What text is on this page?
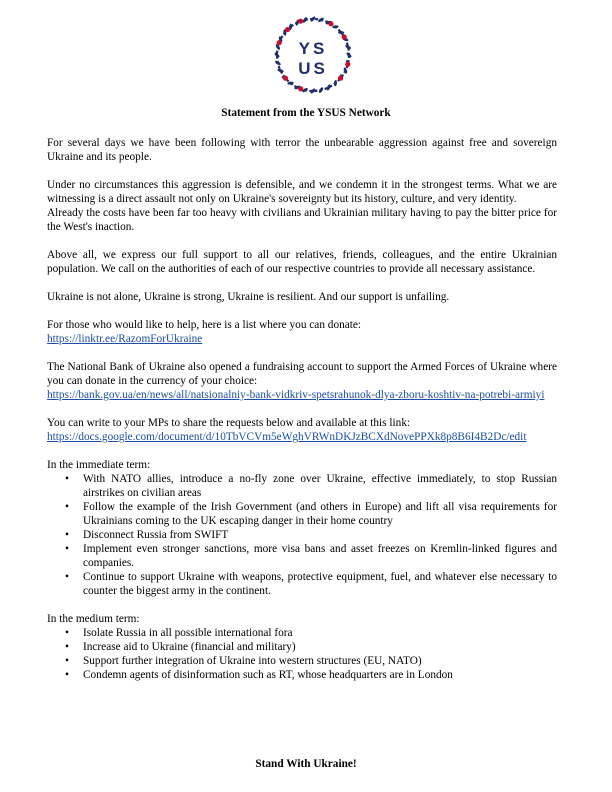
YS
US
Statement from the YSUS Network

For several days we have been following with terror the unbearable aggression against free and sovereign Ukraine and its people.

Under no circumstances this aggression is defensible, and we condemn it in the strongest terms. What we are witnessing is a direct assault not only on Ukraine's sovereignty but its history, culture, and very identity.

Already the costs have been far too heavy with civilians and Ukrainian military having to pay the bitter price for the West's inaction.

Above all, we express our full support to all our relatives, friends, colleagues, and the entire Ukrainian population. We call on the authorities of each of our respective countries to provide all necessary assistance.

Ukraine is not alone, Ukraine is strong, Ukraine is resilient. And our support is unfailing.

For those who would like to help, here is a list where you can donate:
https://linktr.ee/RazomForUkraine

The National Bank of Ukraine also opened a fundraising account to support the Armed Forces of Ukraine where you can donate in the currency of your choice:
https://bank.gov.ua/en/news/all/natsionalniy-bank-vidkriv-spetsrahunok-dlya-zboru-koshtiv-na-potrebi-armiyi

You can write to your MPs to share the requests below and available at this link:
https://docs.google.com/document/d/10TbVCVm5eWghVRWnDKJzBCXdNovePPXk8p8B6I4B2Dc/edit

In the immediate term:

• With NATO allies, introduce a no-fly zone over Ukraine, effective immediately, to stop Russian airstrikes on civilian areas
• Follow the example of the Irish Government (and others in Europe) and lift all visa requirements for Ukrainians coming to the UK escaping danger in their home country
• Disconnect Russia from SWIFT
• Implement even stronger sanctions, more visa bans and asset freezes on Kremlin-linked figures and companies.
• Continue to support Ukraine with weapons, protective equipment, fuel, and whatever else necessary to counter the biggest army in the continent.

In the medium term:

• Isolate Russia in all possible international fora
• Increase aid to Ukraine (financial and military)
• Support further integration of Ukraine into western structures (EU, NATO)
• Condemn agents of disinformation such as RT, whose headquarters are in London
Stand With Ukraine!
